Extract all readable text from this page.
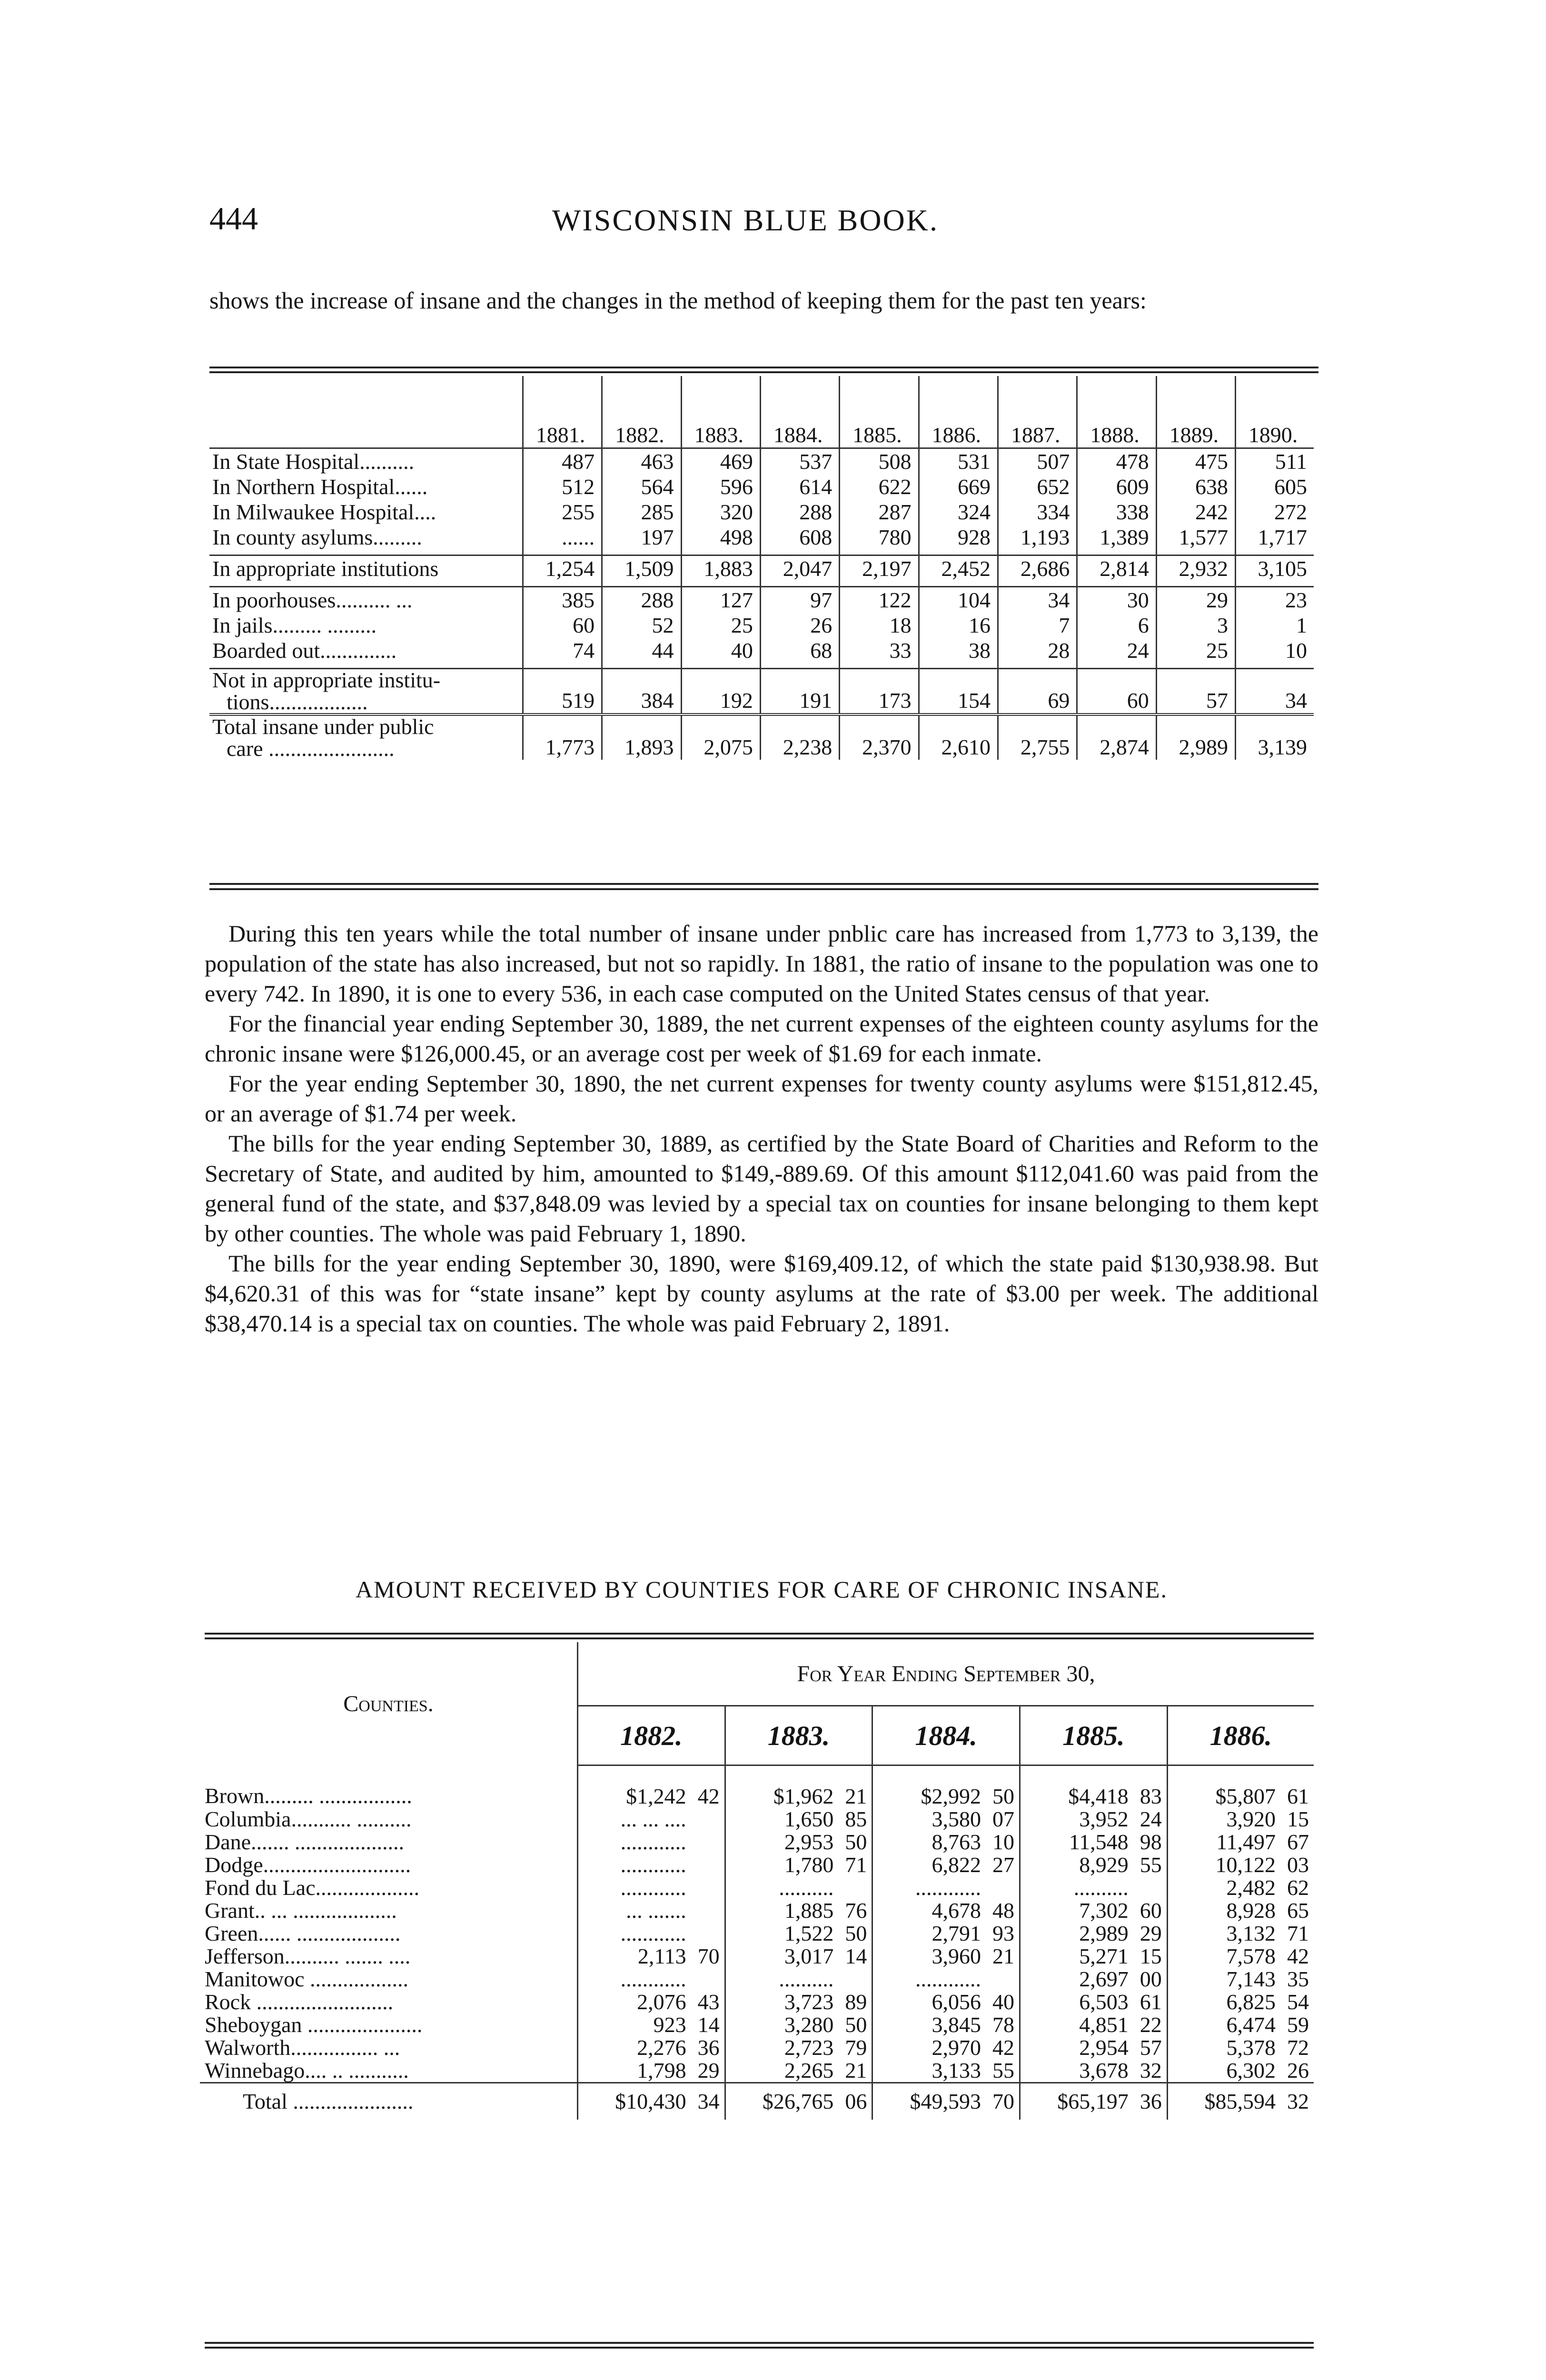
444	WISCONSIN BLUE BOOK.
shows the increase of insane and the changes in the method of keeping them for the past ten years:
	1881.	1882.	1883.	1884.	1885.	1886.	1887.	1888.	1889.	1890.
In State Hospital..........	487	463	469	537	508	531	507	478	475	511
In Northern Hospital......	512	564	596	614	622	669	652	609	638	605
In Milwaukee Hospital....	255	285	320	288	287	324	334	338	242	272
In county asylums.........	......	197	498	608	780	928	1,193	1,389	1,577	1,717
In appropriate institutions	1,254	1,509	1,883	2,047	2,197	2,452	2,686	2,814	2,932	3,105
In poorhouses.......... ...	385	288	127	97	122	104	34	30	29	23
In jails......... .........	60	52	25	26	18	16	7	6	3	1
Boarded out..............	74	44	40	68	33	38	28	24	25	10

Not in appropriate institu-
tions..................	519	384	192	191	173	154	69	60	57	34

Total insane under public
care .......................	1,773	1,893	2,075	2,238	2,370	2,610	2,755	2,874	2,989	3,139

During this ten years while the total number of insane under pnblic care has increased from 1,773 to 3,139, the population of the state has also increased, but not so rapidly. In 1881, the ratio of insane to the population was one to every 742. In 1890, it is one to every 536, in each case computed on the United States census of that year.

For the financial year ending September 30, 1889, the net current expenses of the eighteen county asylums for the chronic insane were $126,000.45, or an average cost per week of $1.69 for each inmate.

For the year ending September 30, 1890, the net current expenses for twenty county asylums were $151,812.45, or an average of $1.74 per week.

The bills for the year ending September 30, 1889, as certified by the State Board of Charities and Reform to the Secretary of State, and audited by him, amounted to $149,-889.69. Of this amount $112,041.60 was paid from the general fund of the state, and $37,848.09 was levied by a special tax on counties for insane belonging to them kept by other counties. The whole was paid February 1, 1890.

The bills for the year ending September 30, 1890, were $169,409.12, of which the state paid $130,938.98. But $4,620.31 of this was for “state insane” kept by county asylums at the rate of $3.00 per week. The additional $38,470.14 is a special tax on counties. The whole was paid February 2, 1891.

AMOUNT RECEIVED BY COUNTIES FOR CARE OF CHRONIC INSANE.
Counties.	For Year Ending September 30,				
	1882.	1883.	1884.	1885.	1886.
Brown......... .................	$1,242 42	$1,962 21	$2,992 50	$4,418 83	$5,807 61
Columbia........... ..........	... ... ....	1,650 85	3,580 07	3,952 24	3,920 15
Dane....... ....................	............	2,953 50	8,763 10	11,548 98	11,497 67
Dodge...........................	............	1,780 71	6,822 27	8,929 55	10,122 03
Fond du Lac...................	............	..........	............	..........	2,482 62
Grant.. ... ...................	... .......	1,885 76	4,678 48	7,302 60	8,928 65
Green...... ...................	............	1,522 50	2,791 93	2,989 29	3,132 71
Jefferson.......... ....... ....	2,113 70	3,017 14	3,960 21	5,271 15	7,578 42
Manitowoc ..................	............	..........	............	2,697 00	7,143 35
Rock .........................	2,076 43	3,723 89	6,056 40	6,503 61	6,825 54
Sheboygan .....................	923 14	3,280 50	3,845 78	4,851 22	6,474 59
Walworth................ ...	2,276 36	2,723 79	2,970 42	2,954 57	5,378 72
Winnebago.... .. ...........	1,798 29	2,265 21	3,133 55	3,678 32	6,302 26
Total ......................	$10,430 34	$26,765 06	$49,593 70	$65,197 36	$85,594 32
